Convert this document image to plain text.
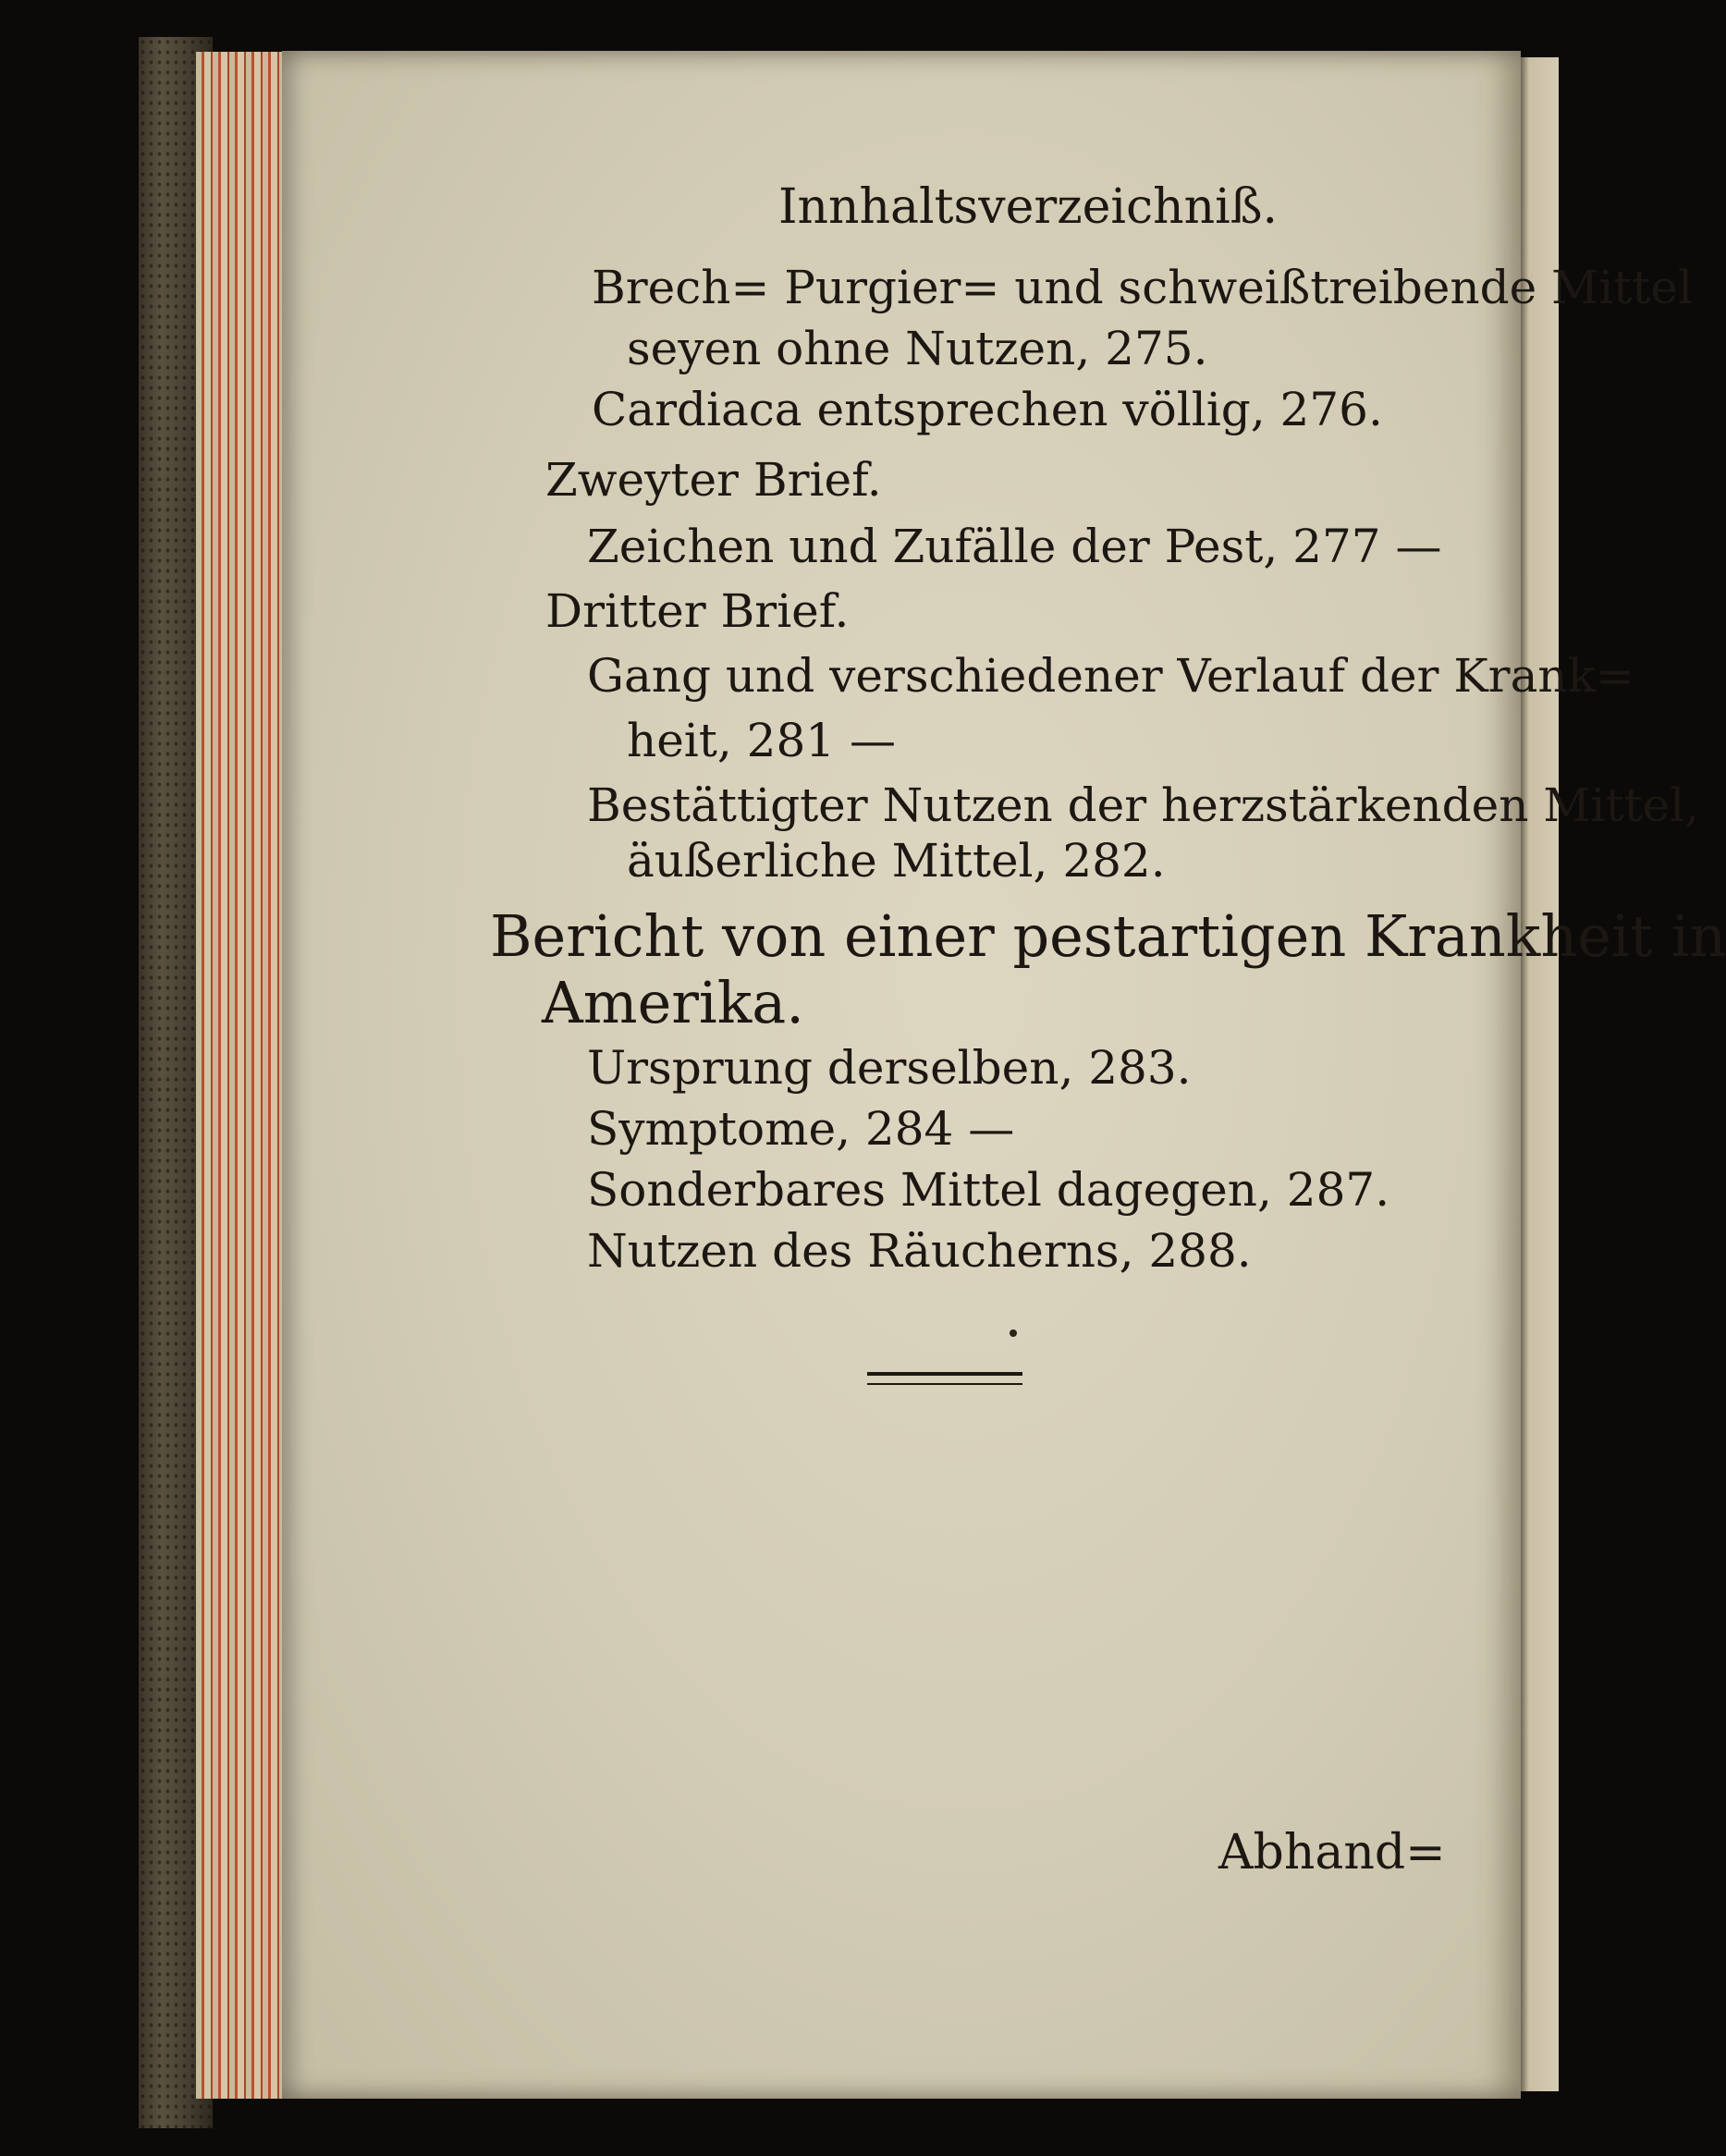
Innhaltsverzeichniß.
Brech= Purgier= und schweißtreibende Mittel
seyen ohne Nutzen, 275.
Cardiaca entsprechen völlig, 276.
Zweyter Brief.
Zeichen und Zufälle der Pest, 277 —
Dritter Brief.
Gang und verschiedener Verlauf der Krank=
heit, 281 —
Bestättigter Nutzen der herzstärkenden Mittel,
äußerliche Mittel, 282.
Bericht von einer pestartigen Krankheit in
Amerika.
Ursprung derselben, 283.
Symptome, 284 —
Sonderbares Mittel dagegen, 287.
Nutzen des Räucherns, 288.
Abhand=
